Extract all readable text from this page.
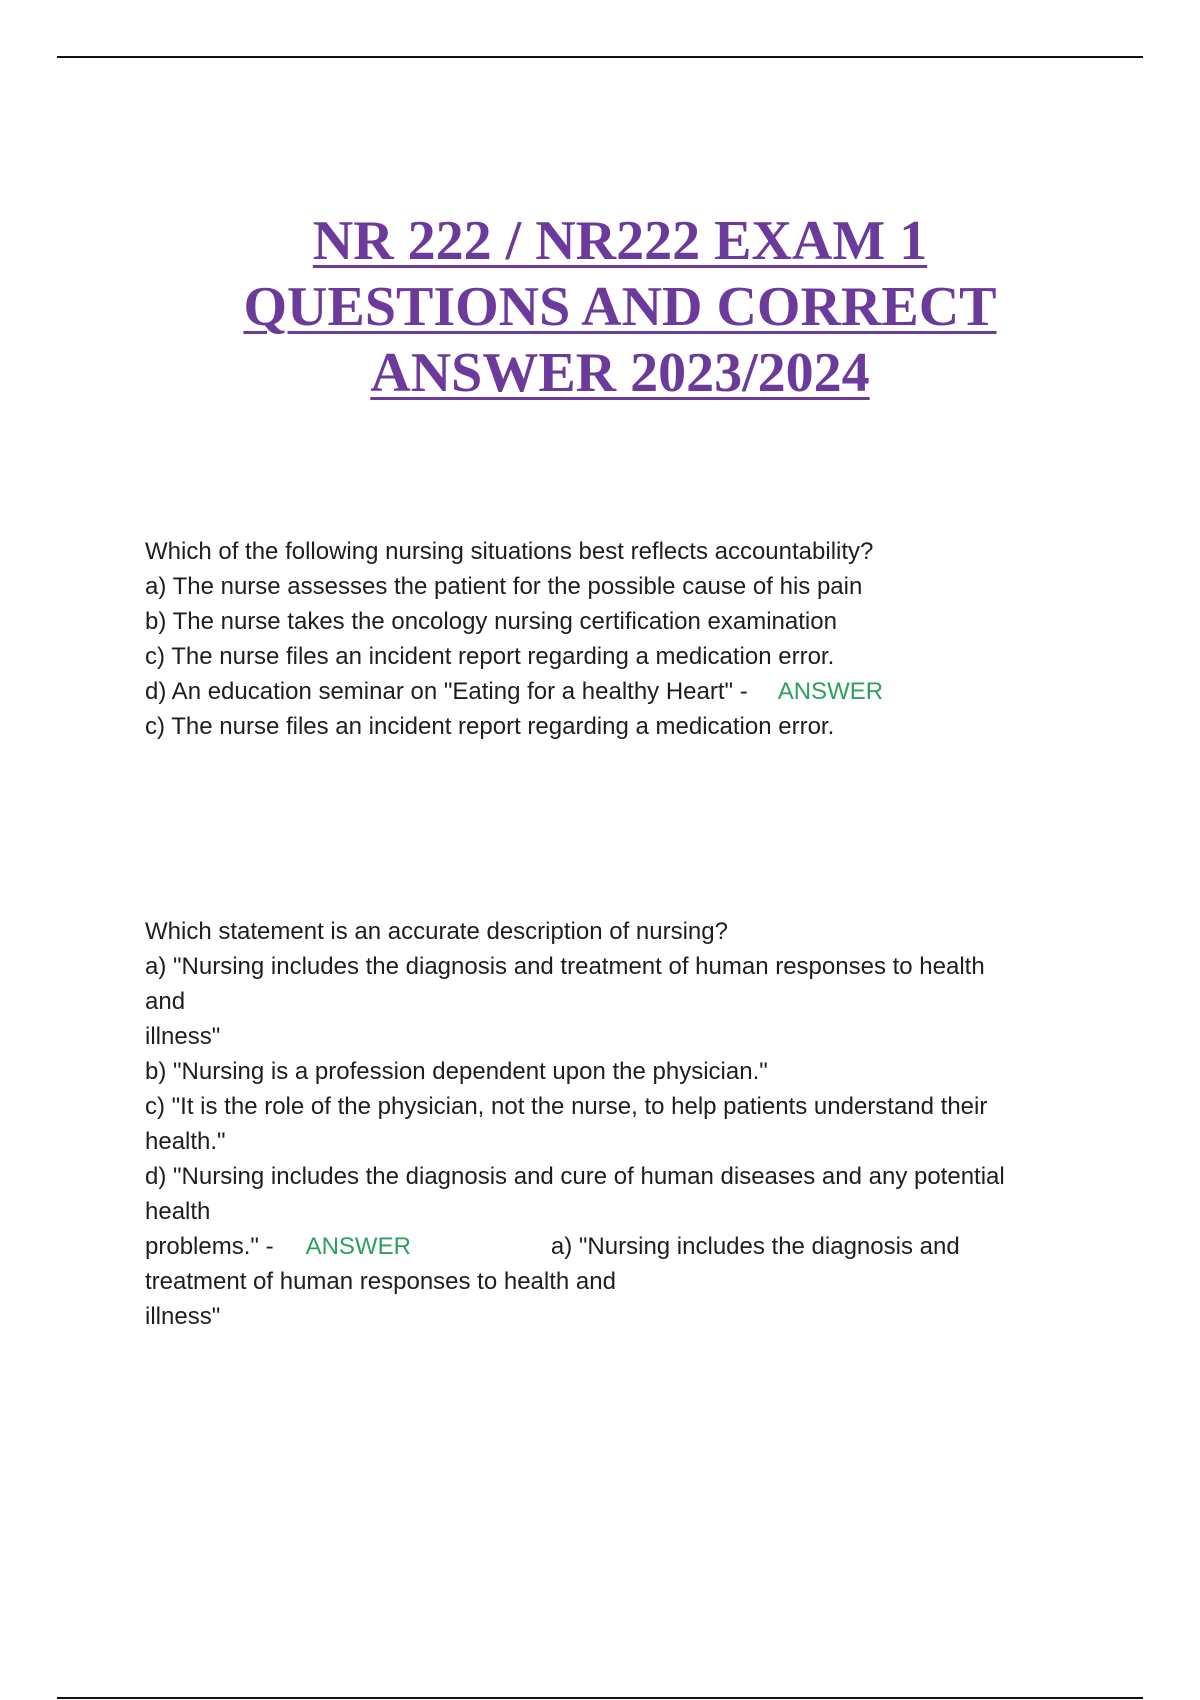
NR 222 / NR222 EXAM 1
QUESTIONS AND CORRECT
ANSWER 2023/2024
Which of the following nursing situations best reflects accountability?
a) The nurse assesses the patient for the possible cause of his pain
b) The nurse takes the oncology nursing certification examination
c) The nurse files an incident report regarding a medication error.
d) An education seminar on "Eating for a healthy Heart" - ANSWER
c) The nurse files an incident report regarding a medication error.
Which statement is an accurate description of nursing?
a) "Nursing includes the diagnosis and treatment of human responses to health
and
illness"
b) "Nursing is a profession dependent upon the physician."
c) "It is the role of the physician, not the nurse, to help patients understand their
health."
d) "Nursing includes the diagnosis and cure of human diseases and any potential
health
problems." - ANSWER	a) "Nursing includes the diagnosis and
treatment of human responses to health and
illness"
